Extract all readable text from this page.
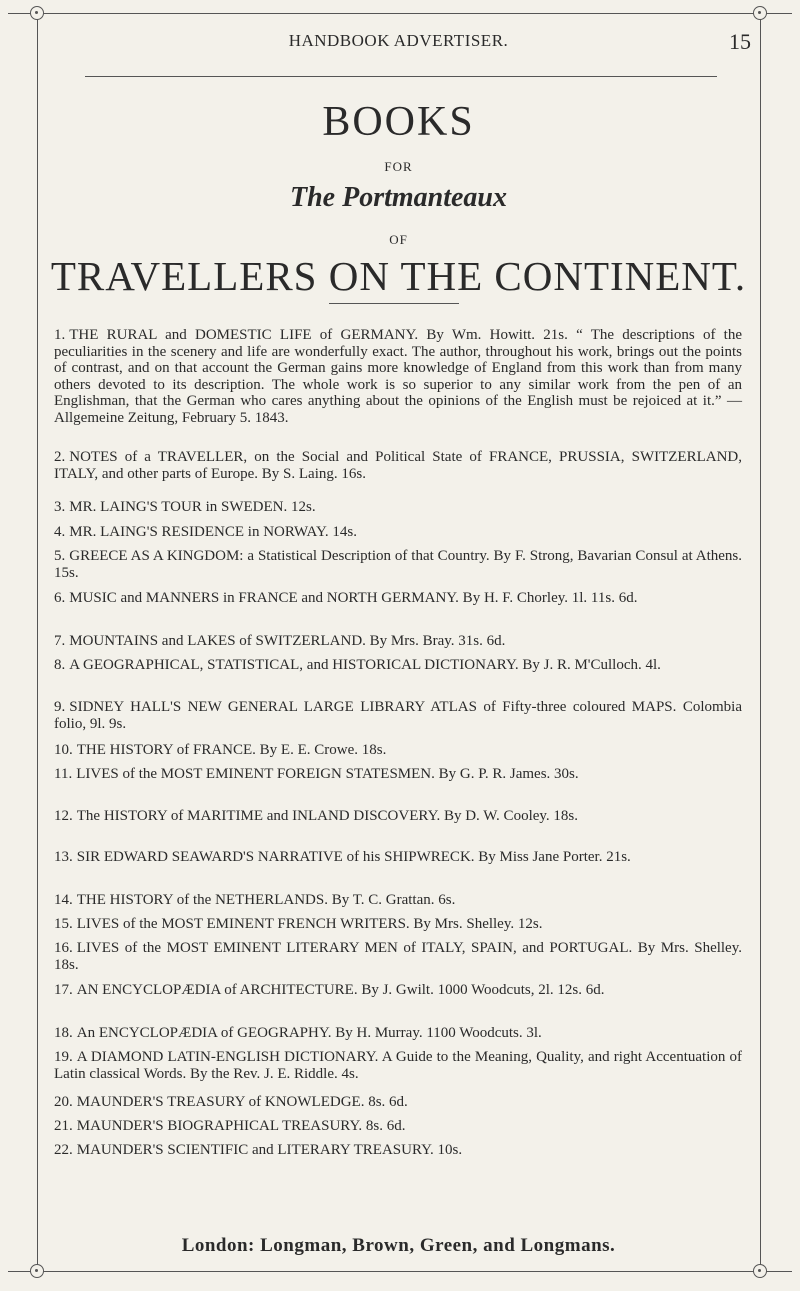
HANDBOOK ADVERTISER.	15
BOOKS
FOR
The Portmanteaux
OF
TRAVELLERS ON THE CONTINENT.
1. THE RURAL and DOMESTIC LIFE of GERMANY. By Wm. Howitt. 21s. “ The descriptions of the peculiarities in the scenery and life are wonderfully exact. The author, throughout his work, brings out the points of contrast, and on that account the German gains more knowledge of England from this work than from many others devoted to its description. The whole work is so superior to any similar work from the pen of an Englishman, that the German who cares anything about the opinions of the English must be rejoiced at it.” — Allgemeine Zeitung, February 5. 1843.
2. NOTES of a TRAVELLER, on the Social and Political State of FRANCE, PRUSSIA, SWITZERLAND, ITALY, and other parts of Europe. By S. Laing. 16s.
3. MR. LAING'S TOUR in SWEDEN. 12s.
4. MR. LAING'S RESIDENCE in NORWAY. 14s.
5. GREECE AS A KINGDOM: a Statistical Description of that Country. By F. Strong, Bavarian Consul at Athens. 15s.
6. MUSIC and MANNERS in FRANCE and NORTH GERMANY. By H. F. Chorley. 1l. 11s. 6d.
7. MOUNTAINS and LAKES of SWITZERLAND. By Mrs. Bray. 31s. 6d.
8. A GEOGRAPHICAL, STATISTICAL, and HISTORICAL DICTIONARY. By J. R. M'Culloch. 4l.
9. SIDNEY HALL'S NEW GENERAL LARGE LIBRARY ATLAS of Fifty-three coloured MAPS. Colombia folio, 9l. 9s.
10. THE HISTORY of FRANCE. By E. E. Crowe. 18s.
11. LIVES of the MOST EMINENT FOREIGN STATESMEN. By G. P. R. James. 30s.
12. The HISTORY of MARITIME and INLAND DISCOVERY. By D. W. Cooley. 18s.
13. SIR EDWARD SEAWARD'S NARRATIVE of his SHIPWRECK. By Miss Jane Porter. 21s.
14. THE HISTORY of the NETHERLANDS. By T. C. Grattan. 6s.
15. LIVES of the MOST EMINENT FRENCH WRITERS. By Mrs. Shelley. 12s.
16. LIVES of the MOST EMINENT LITERARY MEN of ITALY, SPAIN, and PORTUGAL. By Mrs. Shelley. 18s.
17. AN ENCYCLOPÆDIA of ARCHITECTURE. By J. Gwilt. 1000 Woodcuts, 2l. 12s. 6d.
18. An ENCYCLOPÆDIA of GEOGRAPHY. By H. Murray. 1100 Woodcuts. 3l.
19. A DIAMOND LATIN-ENGLISH DICTIONARY. A Guide to the Meaning, Quality, and right Accentuation of Latin classical Words. By the Rev. J. E. Riddle. 4s.
20. MAUNDER'S TREASURY of KNOWLEDGE. 8s. 6d.
21. MAUNDER'S BIOGRAPHICAL TREASURY. 8s. 6d.
22. MAUNDER'S SCIENTIFIC and LITERARY TREASURY. 10s.
London: Longman, Brown, Green, and Longmans.
